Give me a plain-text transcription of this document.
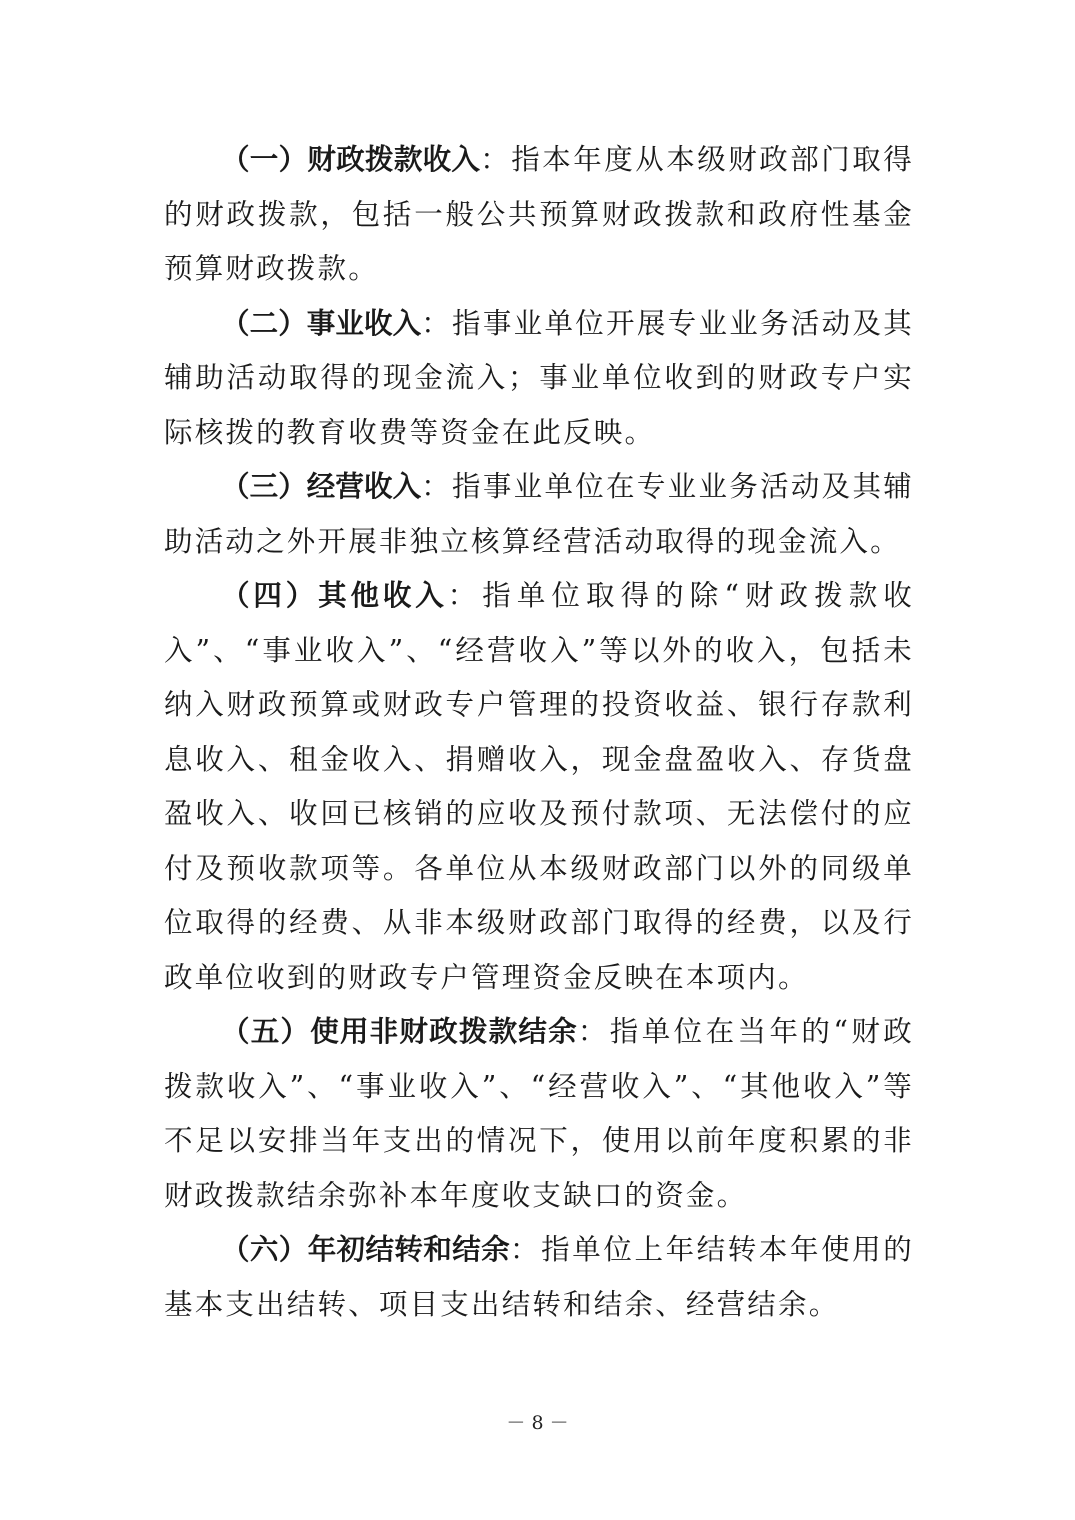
（一）财政拨款收入：指本年度从本级财政部门取得的财政拨款，包括一般公共预算财政拨款和政府性基金预算财政拨款。

（二）事业收入：指事业单位开展专业业务活动及其辅助活动取得的现金流入；事业单位收到的财政专户实际核拨的教育收费等资金在此反映。

（三）经营收入：指事业单位在专业业务活动及其辅助活动之外开展非独立核算经营活动取得的现金流入。

（四）其他收入：指单位取得的除“财政拨款收入”、“事业收入”、“经营收入”等以外的收入，包括未纳入财政预算或财政专户管理的投资收益、银行存款利息收入、租金收入、捐赠收入，现金盘盈收入、存货盘盈收入、收回已核销的应收及预付款项、无法偿付的应付及预收款项等。各单位从本级财政部门以外的同级单位取得的经费、从非本级财政部门取得的经费，以及行政单位收到的财政专户管理资金反映在本项内。

（五）使用非财政拨款结余：指单位在当年的“财政拨款收入”、“事业收入”、“经营收入”、“其他收入”等不足以安排当年支出的情况下，使用以前年度积累的非财政拨款结余弥补本年度收支缺口的资金。

（六）年初结转和结余：指单位上年结转本年使用的基本支出结转、项目支出结转和结余、经营结余。

－ 8 －
